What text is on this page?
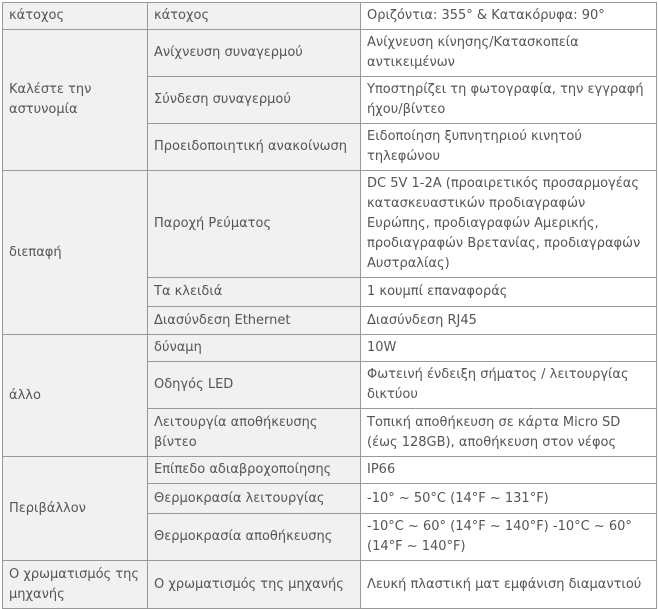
κάτοχος	κάτοχος	Οριζόντια: 355° & Κατακόρυφα: 90°
Καλέστε την αστυνομία	Ανίχνευση συναγερμού	Ανίχνευση κίνησης/Κατασκοπεία αντικειμένων
	Σύνδεση συναγερμού	Υποστηρίζει τη φωτογραφία, την εγγραφή ήχου/βίντεο
	Προειδοποιητική ανακοίνωση	Ειδοποίηση ξυπνητηριού κινητού τηλεφώνου
διεπαφή	Παροχή Ρεύματος	DC 5V 1-2A (προαιρετικός προσαρμογέας κατασκευαστικών προδιαγραφών Ευρώπης, προδιαγραφών Αμερικής, προδιαγραφών Βρετανίας, προδιαγραφών Αυστραλίας)
	Τα κλειδιά	1 κουμπί επαναφοράς
	Διασύνδεση Ethernet	Διασύνδεση RJ45
άλλο	δύναμη	10W
	Οδηγός LED	Φωτεινή ένδειξη σήματος / λειτουργίας δικτύου
	Λειτουργία αποθήκευσης βίντεο	Τοπική αποθήκευση σε κάρτα Micro SD (έως 128GB), αποθήκευση στον νέφος
Περιβάλλον	Επίπεδο αδιαβροχοποίησης	IP66
	Θερμοκρασία λειτουργίας	-10° ~ 50°C (14°F ~ 131°F)
	Θερμοκρασία αποθήκευσης	-10°C ~ 60° (14°F ~ 140°F) -10°C ~ 60° (14°F ~ 140°F)
Ο χρωματισμός της μηχανής	Ο χρωματισμός της μηχανής	Λευκή πλαστική ματ εμφάνιση διαμαντιού
